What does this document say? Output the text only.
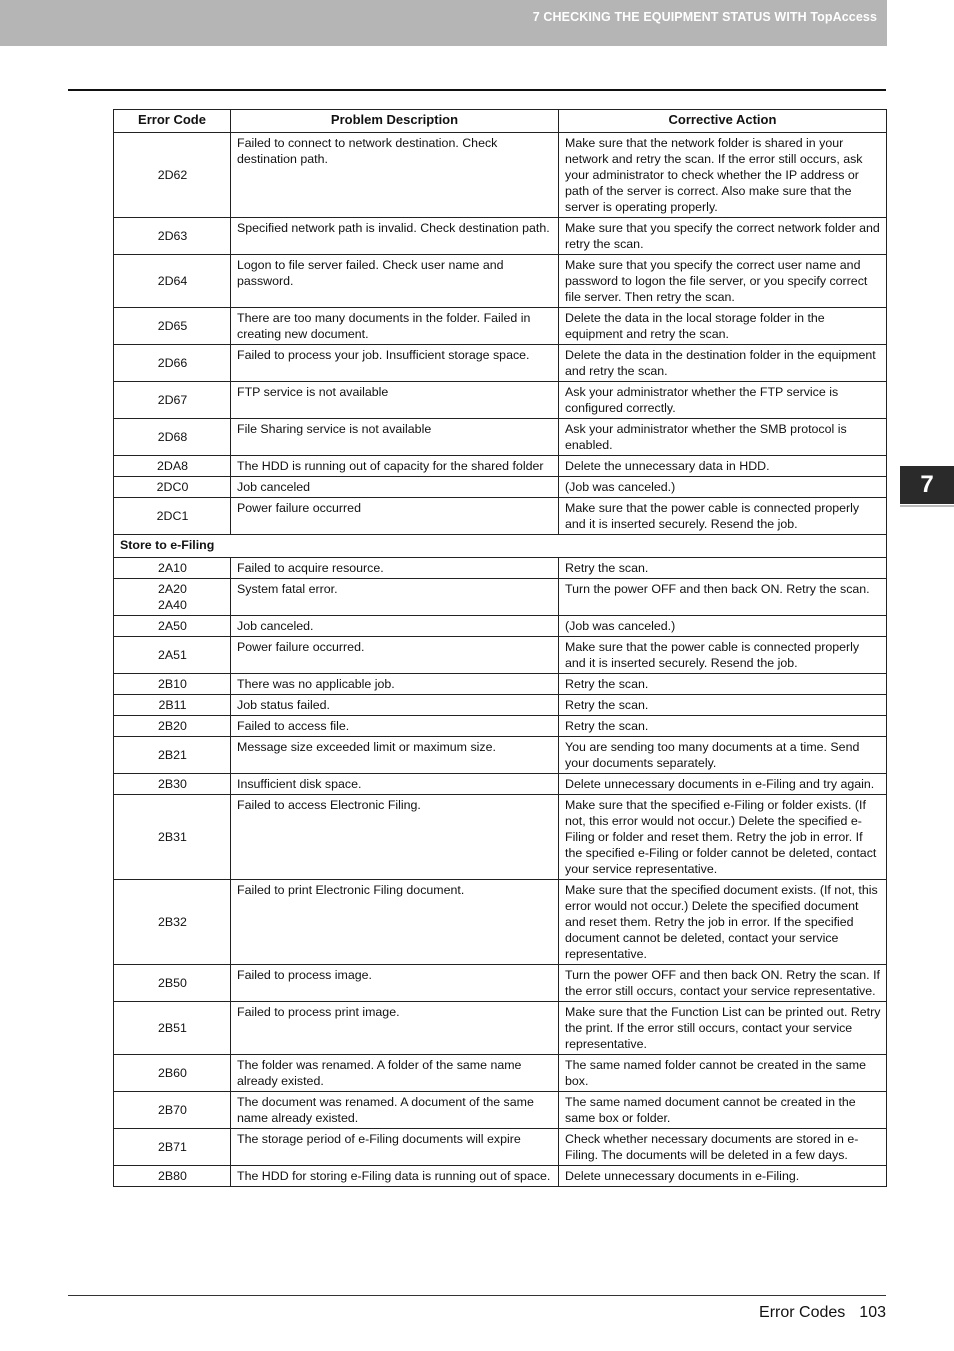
7 CHECKING THE EQUIPMENT STATUS WITH TopAccess
7
Error Code	Problem Description	Corrective Action

2D62	Failed to connect to network destination. Check destination path.	Make sure that the network folder is shared in your network and retry the scan. If the error still occurs, ask your administrator to check whether the IP address or path of the server is correct. Also make sure that the server is operating properly.

2D63	Specified network path is invalid. Check destination path.	Make sure that you specify the correct network folder and retry the scan.

2D64	Logon to file server failed. Check user name and password.	Make sure that you specify the correct user name and password to logon the file server, or you specify correct file server. Then retry the scan.

2D65	There are too many documents in the folder. Failed in creating new document.	Delete the data in the local storage folder in the equipment and retry the scan.

2D66	Failed to process your job. Insufficient storage space.	Delete the data in the destination folder in the equipment and retry the scan.

2D67	FTP service is not available	Ask your administrator whether the FTP service is configured correctly.

2D68	File Sharing service is not available	Ask your administrator whether the SMB protocol is enabled.

2DA8	The HDD is running out of capacity for the shared folder	Delete the unnecessary data in HDD.

2DC0	Job canceled	(Job was canceled.)

2DC1	Power failure occurred	Make sure that the power cable is connected properly and it is inserted securely. Resend the job.
Store to e-Filing		

2A10	Failed to acquire resource.	Retry the scan.

2A20
2A40	System fatal error.	Turn the power OFF and then back ON. Retry the scan.

2A50	Job canceled.	(Job was canceled.)

2A51	Power failure occurred.	Make sure that the power cable is connected properly and it is inserted securely. Resend the job.

2B10	There was no applicable job.	Retry the scan.

2B11	Job status failed.	Retry the scan.

2B20	Failed to access file.	Retry the scan.

2B21	Message size exceeded limit or maximum size.	You are sending too many documents at a time. Send your documents separately.

2B30	Insufficient disk space.	Delete unnecessary documents in e-Filing and try again.

2B31	Failed to access Electronic Filing.	Make sure that the specified e-Filing or folder exists. (If not, this error would not occur.) Delete the specified e-Filing or folder and reset them. Retry the job in error. If the specified e-Filing or folder cannot be deleted, contact your service representative.

2B32	Failed to print Electronic Filing document.	Make sure that the specified document exists. (If not, this error would not occur.) Delete the specified document and reset them. Retry the job in error. If the specified document cannot be deleted, contact your service representative.

2B50	Failed to process image.	Turn the power OFF and then back ON. Retry the scan. If the error still occurs, contact your service representative.

2B51	Failed to process print image.	Make sure that the Function List can be printed out. Retry the print. If the error still occurs, contact your service representative.

2B60	The folder was renamed. A folder of the same name already existed.	The same named folder cannot be created in the same box.

2B70	The document was renamed. A document of the same name already existed.	The same named document cannot be created in the same box or folder.

2B71	The storage period of e-Filing documents will expire	Check whether necessary documents are stored in e-Filing. The documents will be deleted in a few days.

2B80	The HDD for storing e-Filing data is running out of space.	Delete unnecessary documents in e-Filing.
Error Codes 103
